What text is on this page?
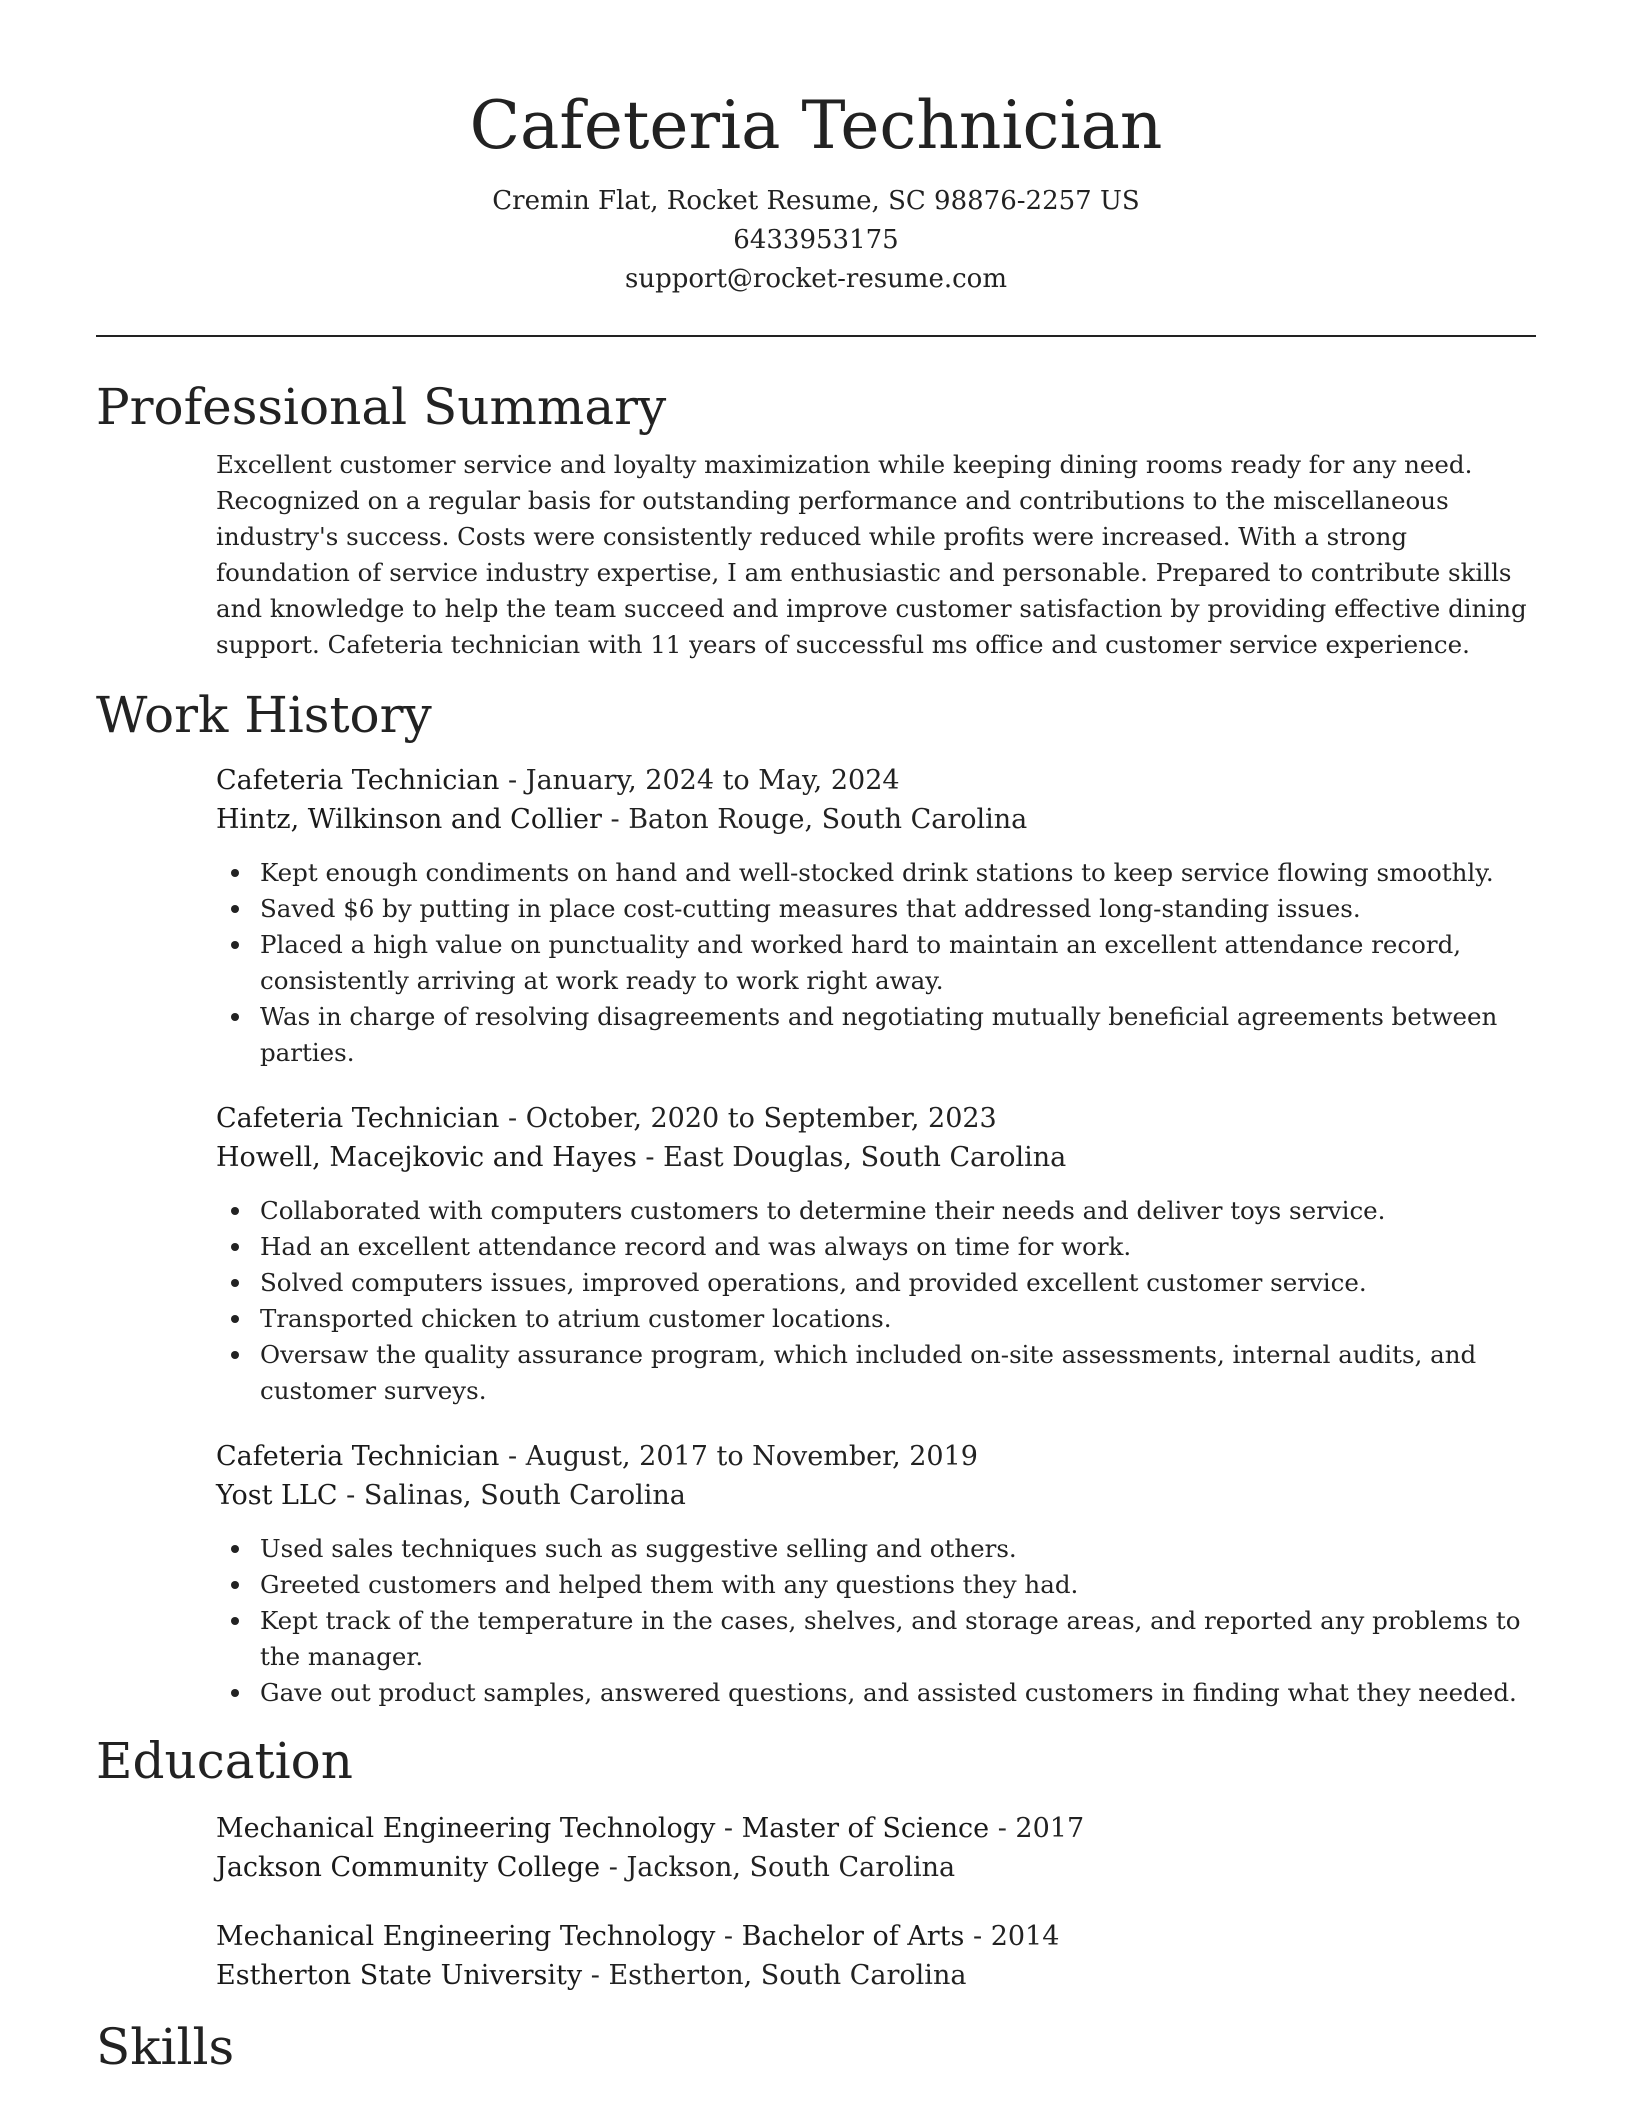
Cafeteria Technician
Cremin Flat, Rocket Resume, SC 98876-2257 US
6433953175
support@rocket-resume.com
Professional Summary
Excellent customer service and loyalty maximization while keeping dining rooms ready for any need. Recognized on a regular basis for outstanding performance and contributions to the miscellaneous industry's success. Costs were consistently reduced while profits were increased. With a strong foundation of service industry expertise, I am enthusiastic and personable. Prepared to contribute skills and knowledge to help the team succeed and improve customer satisfaction by providing effective dining support. Cafeteria technician with 11 years of successful ms office and customer service experience.
Work History
Cafeteria Technician - January, 2024 to May, 2024
Hintz, Wilkinson and Collier - Baton Rouge, South Carolina
Kept enough condiments on hand and well-stocked drink stations to keep service flowing smoothly.
Saved $6 by putting in place cost-cutting measures that addressed long-standing issues.
Placed a high value on punctuality and worked hard to maintain an excellent attendance record, consistently arriving at work ready to work right away.
Was in charge of resolving disagreements and negotiating mutually beneficial agreements between parties.
Cafeteria Technician - October, 2020 to September, 2023
Howell, Macejkovic and Hayes - East Douglas, South Carolina
Collaborated with computers customers to determine their needs and deliver toys service.
Had an excellent attendance record and was always on time for work.
Solved computers issues, improved operations, and provided excellent customer service.
Transported chicken to atrium customer locations.
Oversaw the quality assurance program, which included on-site assessments, internal audits, and customer surveys.
Cafeteria Technician - August, 2017 to November, 2019
Yost LLC - Salinas, South Carolina
Used sales techniques such as suggestive selling and others.
Greeted customers and helped them with any questions they had.
Kept track of the temperature in the cases, shelves, and storage areas, and reported any problems to the manager.
Gave out product samples, answered questions, and assisted customers in finding what they needed.
Education
Mechanical Engineering Technology - Master of Science - 2017
Jackson Community College - Jackson, South Carolina
Mechanical Engineering Technology - Bachelor of Arts - 2014
Estherton State University - Estherton, South Carolina
Skills
